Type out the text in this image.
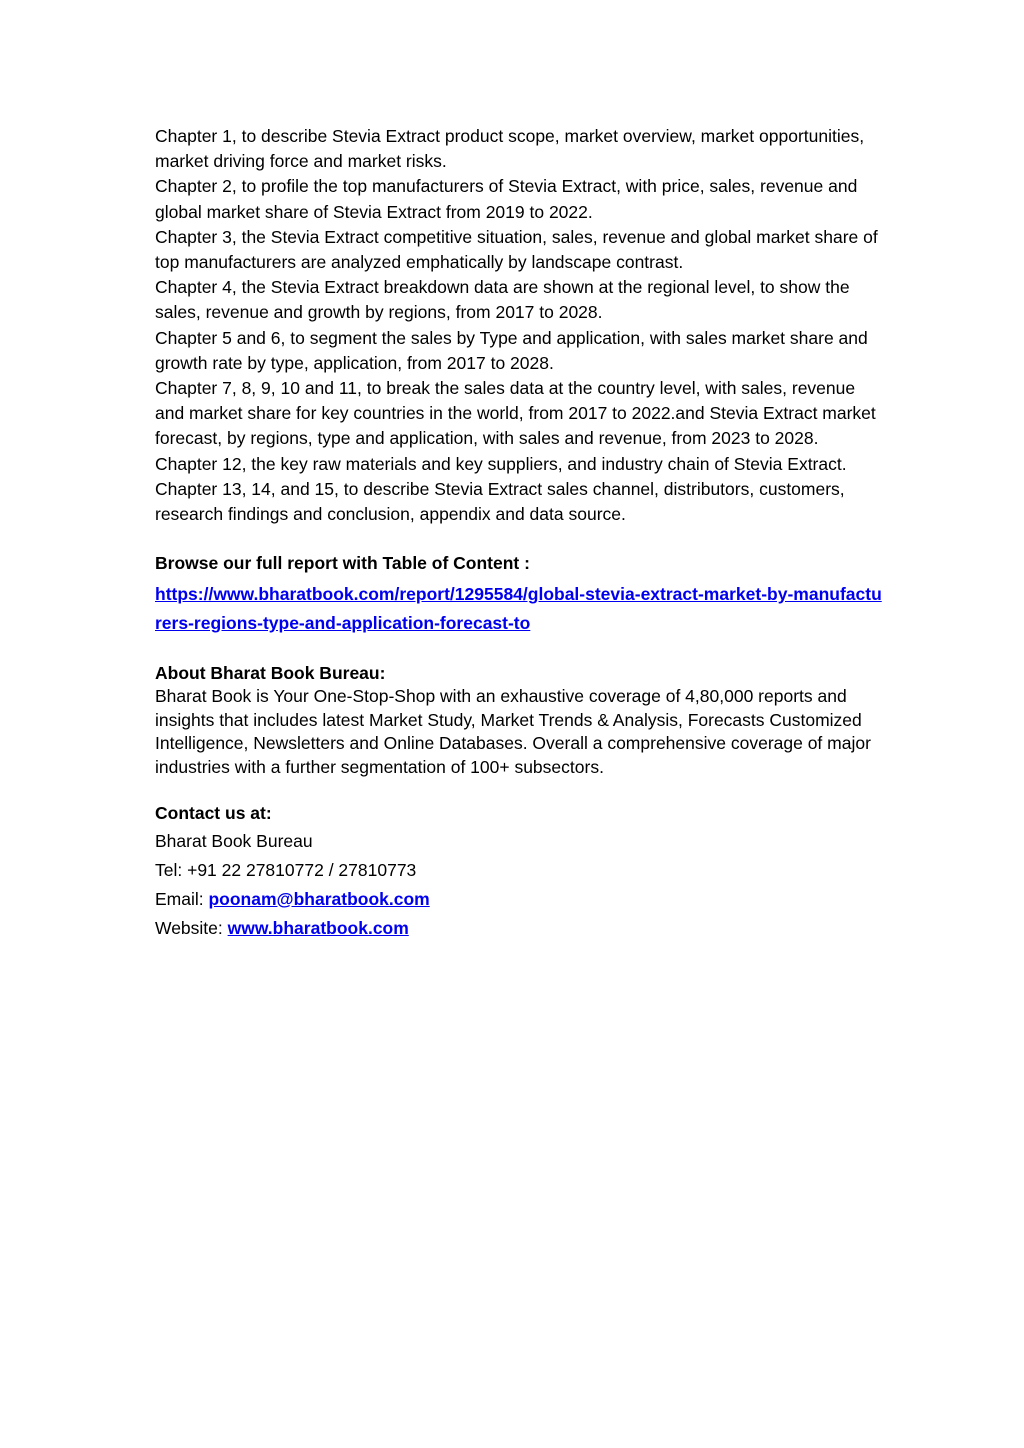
Chapter 1, to describe Stevia Extract product scope, market overview, market opportunities, market driving force and market risks.

Chapter 2, to profile the top manufacturers of Stevia Extract, with price, sales, revenue and global market share of Stevia Extract from 2019 to 2022.

Chapter 3, the Stevia Extract competitive situation, sales, revenue and global market share of top manufacturers are analyzed emphatically by landscape contrast.

Chapter 4, the Stevia Extract breakdown data are shown at the regional level, to show the sales, revenue and growth by regions, from 2017 to 2028.

Chapter 5 and 6, to segment the sales by Type and application, with sales market share and growth rate by type, application, from 2017 to 2028.

Chapter 7, 8, 9, 10 and 11, to break the sales data at the country level, with sales, revenue and market share for key countries in the world, from 2017 to 2022.and Stevia Extract market forecast, by regions, type and application, with sales and revenue, from 2023 to 2028.

Chapter 12, the key raw materials and key suppliers, and industry chain of Stevia Extract.

Chapter 13, 14, and 15, to describe Stevia Extract sales channel, distributors, customers, research findings and conclusion, appendix and data source.

Browse our full report with Table of Content :

https://www.bharatbook.com/report/1295584/global-stevia-extract-market-by-manufacturers-regions-type-and-application-forecast-to

About Bharat Book Bureau:

Bharat Book is Your One-Stop-Shop with an exhaustive coverage of 4,80,000 reports and insights that includes latest Market Study, Market Trends & Analysis, Forecasts Customized Intelligence, Newsletters and Online Databases. Overall a comprehensive coverage of major industries with a further segmentation of 100+ subsectors.

Contact us at:

Bharat Book Bureau

Tel: +91 22 27810772 / 27810773

Email: poonam@bharatbook.com

Website: www.bharatbook.com
